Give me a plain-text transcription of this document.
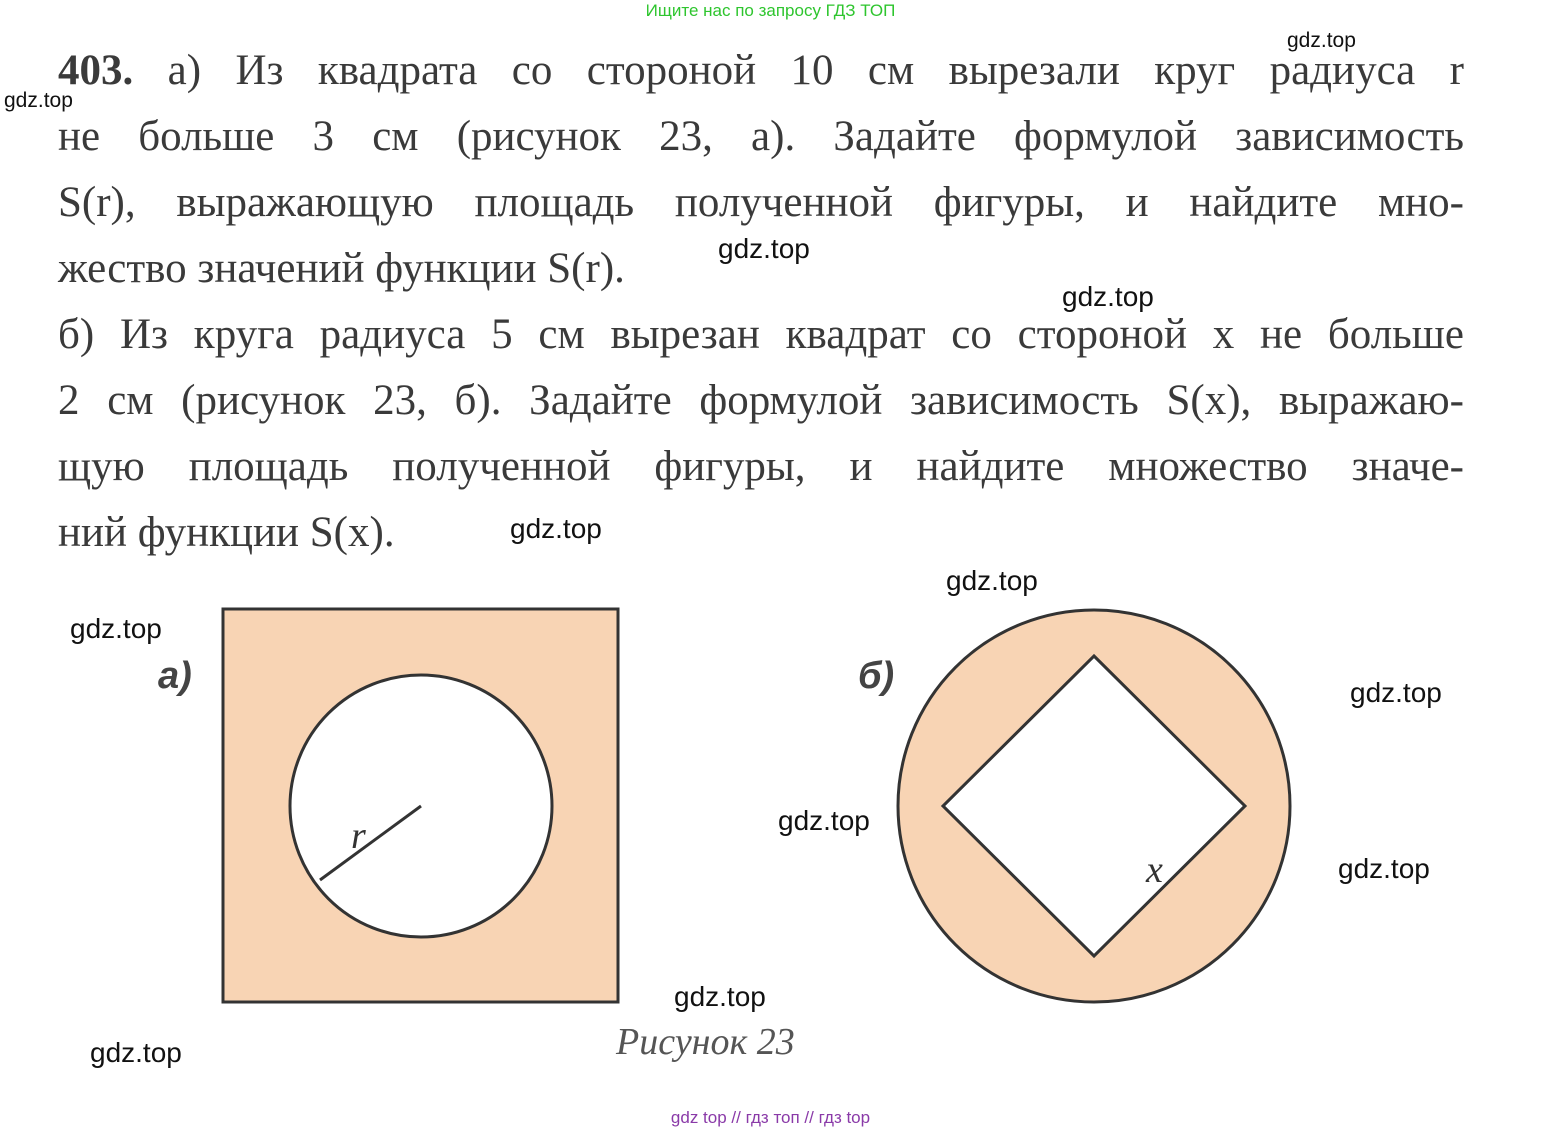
Ищите нас по запросу ГДЗ ТОП
403. а) Из квадрата со стороной 10 см вырезали круг радиуса r
не больше 3 см (рисунок 23, а). Задайте формулой зависимость
S(r), выражающую площадь полученной фигуры, и найдите мно-
жество значений функции S(r).
б) Из круга радиуса 5 см вырезан квадрат со стороной x не больше
2 см (рисунок 23, б). Задайте формулой зависимость S(x), выражаю-
щую площадь полученной фигуры, и найдите множество значе-
ний функции S(x).
а)	б)
r
x
Рисунок 23
gdz.top
gdz.top
gdz.top
gdz.top
gdz.top
gdz.top
gdz.top
gdz.top
gdz.top
gdz.top
gdz.top
gdz.top
gdz top // гдз топ // гдз top
